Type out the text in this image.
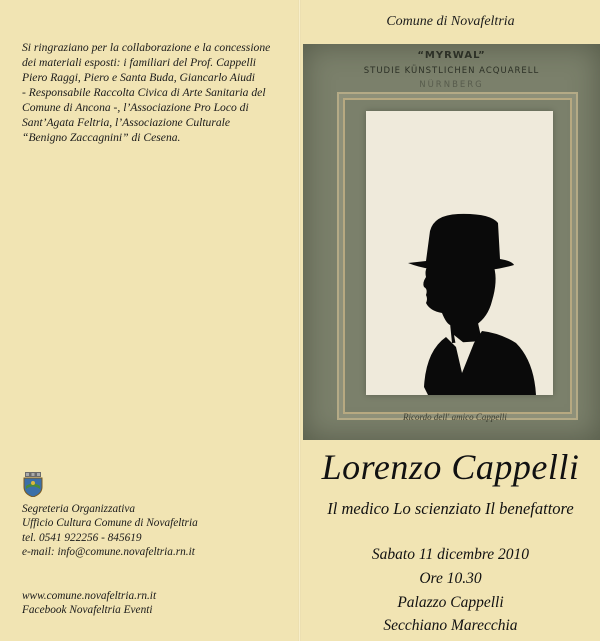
Si ringraziano per la collaborazione e la concessione
dei materiali esposti: i familiari del Prof. Cappelli
Piero Raggi, Piero e Santa Buda, Giancarlo Aiudi
- Responsabile Raccolta Civica di Arte Sanitaria del
Comune di Ancona -, l’Associazione Pro Loco di
Sant’Agata Feltria, l’Associazione Culturale
“Benigno Zaccagnini” di Cesena.
Segreteria Organizzativa
Ufficio Cultura Comune di Novafeltria
tel. 0541 922256 - 845619
e-mail: info@comune.novafeltria.rn.it
www.comune.novafeltria.rn.it
Facebook Novafeltria Eventi
Comune di Novafeltria
“MYRWAL”
STUDIE KÜNSTLICHEN ACQUARELL
NÜRNBERG
Ricordo dell' amico Cappelli
Lorenzo Cappelli
Il medico Lo scienziato Il benefattore
Sabato 11 dicembre 2010
Ore 10.30
Palazzo Cappelli
Secchiano Marecchia
